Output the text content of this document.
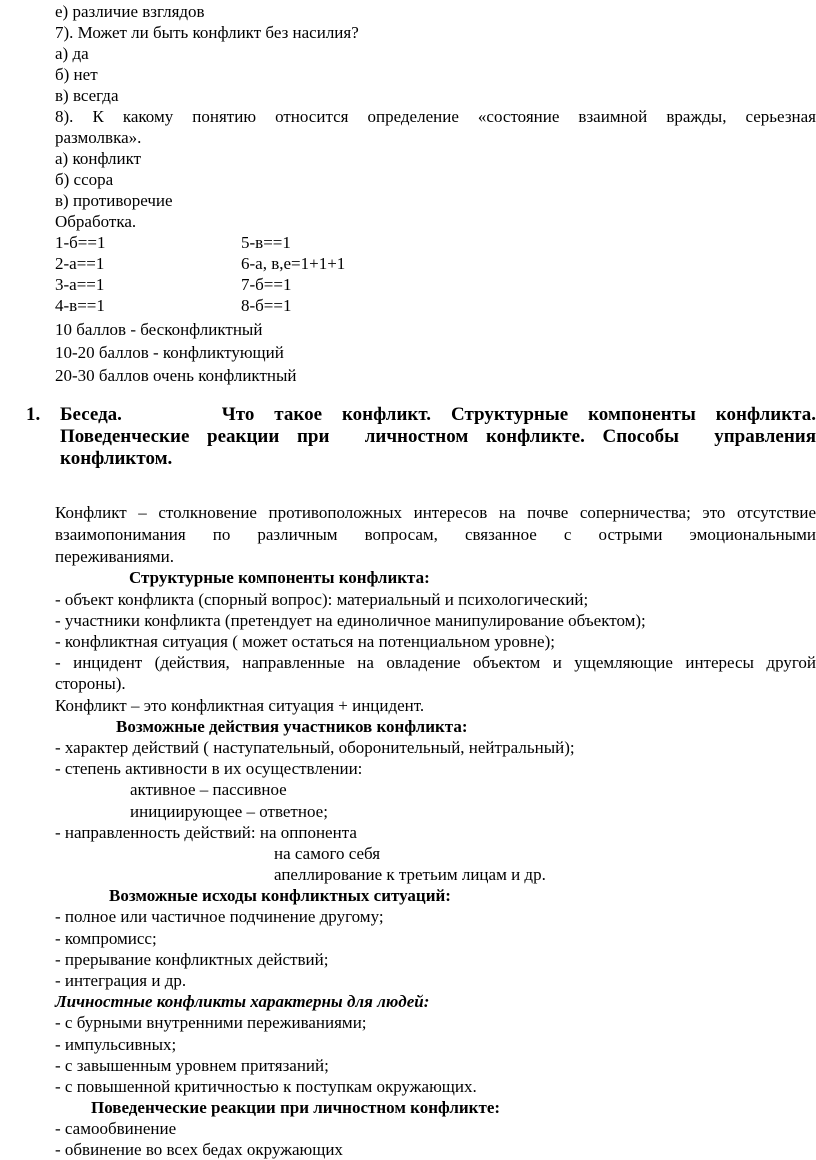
е) различие взглядов
7). Может ли быть конфликт без насилия?
а) да
б) нет
в) всегда
8). К какому понятию относится определение «состояние взаимной вражды, серьезная
размолвка».
а) конфликт
б) ссора
в) противоречие
Обработка.
1-б==1	5-в==1
2-а==1	6-а, в,е=1+1+1
3-а==1	7-б==1
4-в==1	8-б==1
10 баллов - бесконфликтный
10-20 баллов - конфликтующий
20-30 баллов очень конфликтный
1. Беседа.     Что такое конфликт. Структурные компоненты конфликта.
Поведенческие реакции при  личностном конфликте. Способы  управления
конфликтом.
Конфликт – столкновение противоположных интересов на почве соперничества; это отсутствие
взаимопонимания по различным вопросам, связанное с острыми эмоциональными
переживаниями.
Структурные компоненты конфликта:
- объект конфликта (спорный вопрос): материальный и психологический;
- участники конфликта (претендует на единоличное манипулирование объектом);
- конфликтная ситуация ( может остаться на потенциальном уровне);
- инцидент (действия, направленные на овладение объектом и ущемляющие интересы другой
стороны).
Конфликт – это конфликтная ситуация + инцидент.
Возможные действия участников конфликта:
- характер действий ( наступательный, оборонительный, нейтральный);
- степень активности в их осуществлении:
активное – пассивное
инициирующее – ответное;
- направленность действий: на оппонента
на самого себя
апеллирование к третьим лицам и др.
Возможные исходы конфликтных ситуаций:
- полное или частичное подчинение другому;
- компромисс;
- прерывание конфликтных действий;
- интеграция и др.
Личностные конфликты характерны для людей:
- с бурными внутренними переживаниями;
- импульсивных;
- с завышенным уровнем притязаний;
- с повышенной критичностью к поступкам окружающих.
Поведенческие реакции при личностном конфликте:
- самообвинение
- обвинение во всех бедах окружающих
